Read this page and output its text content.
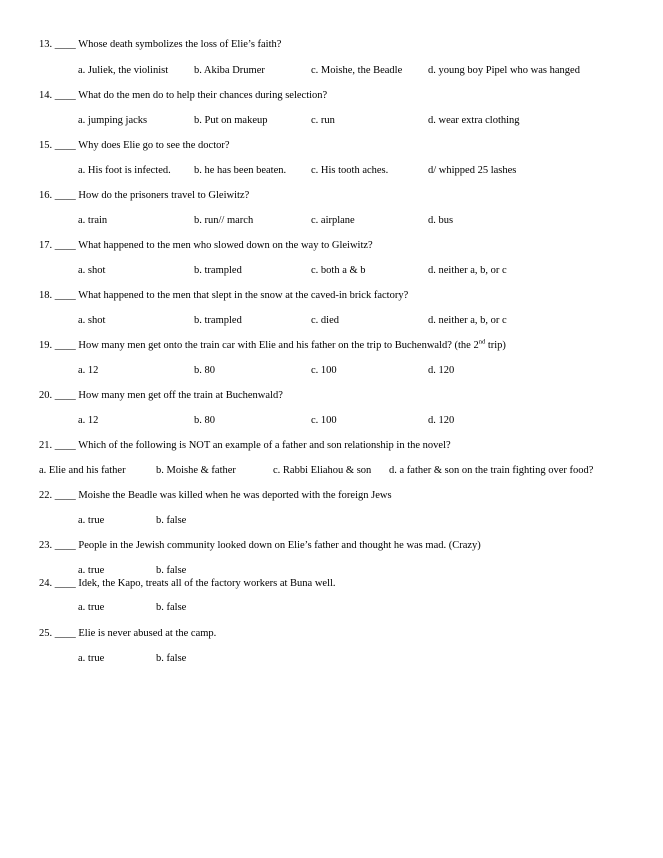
13. ____ Whose death symbolizes the loss of Elie’s faith?
a. Juliek, the violinist b. Akiba Drumer	c. Moishe, the Beadle d. young boy Pipel who was hanged
14. ____ What do the men do to help their chances during selection?
a. jumping jacks	b. Put on makeup	c. run	d. wear extra clothing
15. ____ Why does Elie go to see the doctor?
a. His foot is infected. b. he has been beaten. c. His tooth aches.	d/ whipped 25 lashes
16. ____ How do the prisoners travel to Gleiwitz?
a. train	b. run// march	c. airplane	d. bus
17. ____ What happened to the men who slowed down on the way to Gleiwitz?
a. shot	b. trampled	c. both a & b	d. neither a, b, or c
18. ____ What happened to the men that slept in the snow at the caved-in brick factory?
a. shot	b. trampled	c. died	d. neither a, b, or c
19. ____ How many men get onto the train car with Elie and his father on the trip to Buchenwald? (the 2nd trip)
a. 12	b. 80	c. 100	d. 120
20. ____ How many men get off the train at Buchenwald?
a. 12	b. 80	c. 100	d. 120
21. ____ Which of the following is NOT an example of a father and son relationship in the novel?
a. Elie and his father	b. Moishe & father	c. Rabbi Eliahou & son d. a father & son on the train fighting over food?
22. ____ Moishe the Beadle was killed when he was deported with the foreign Jews
a. true	b. false
23. ____ People in the Jewish community looked down on Elie’s father and thought he was mad. (Crazy)
a. true	b. false
24. ____ Idek, the Kapo, treats all of the factory workers at Buna well.
a. true	b. false
25. ____ Elie is never abused at the camp.
a. true	b. false
